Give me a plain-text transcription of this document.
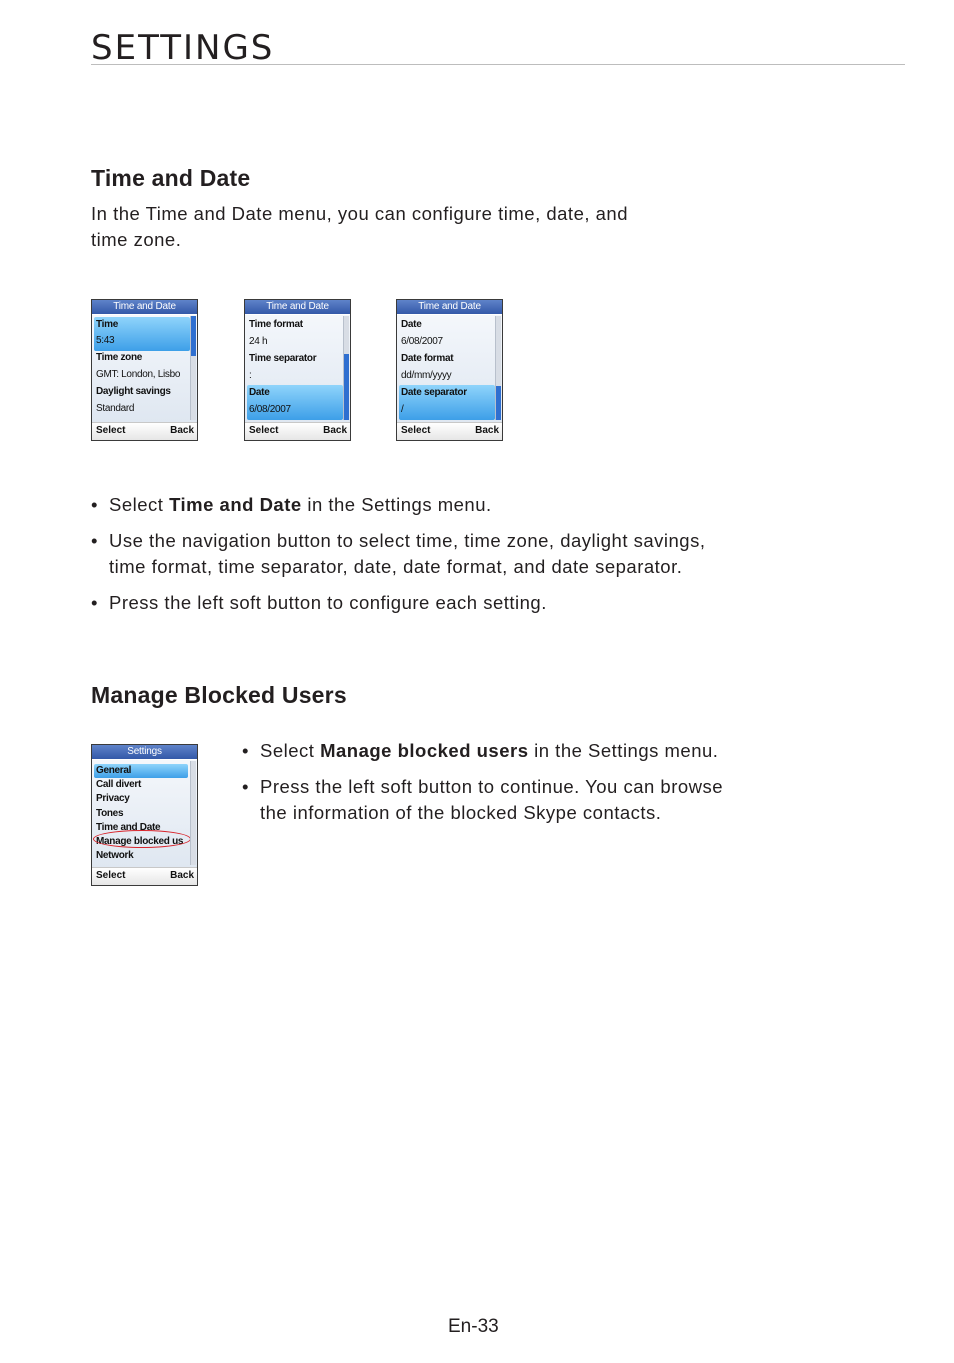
SETTINGS
Time and Date
In the Time and Date menu, you can configure time, date, and
time zone.
Time and Date
Time
5:43
Time zone
GMT: London, Lisbo
Daylight savings
Standard
Select	Back
Time and Date
Time format
24 h
Time separator
:
Date
6/08/2007
Select	Back
Time and Date
Date
6/08/2007
Date format
dd/mm/yyyy
Date separator
/
Select	Back
• Select Time and Date in the Settings menu.
• Use the navigation button to select time, time zone, daylight savings,
time format, time separator, date, date format, and date separator.
• Press the left soft button to configure each setting.
Manage Blocked Users
Settings
General
Call divert
Privacy
Tones
Time and Date
Manage blocked us
Network
Select	Back
• Select Manage blocked users in the Settings menu.
• Press the left soft button to continue. You can browse
the information of the blocked Skype contacts.
En-33
